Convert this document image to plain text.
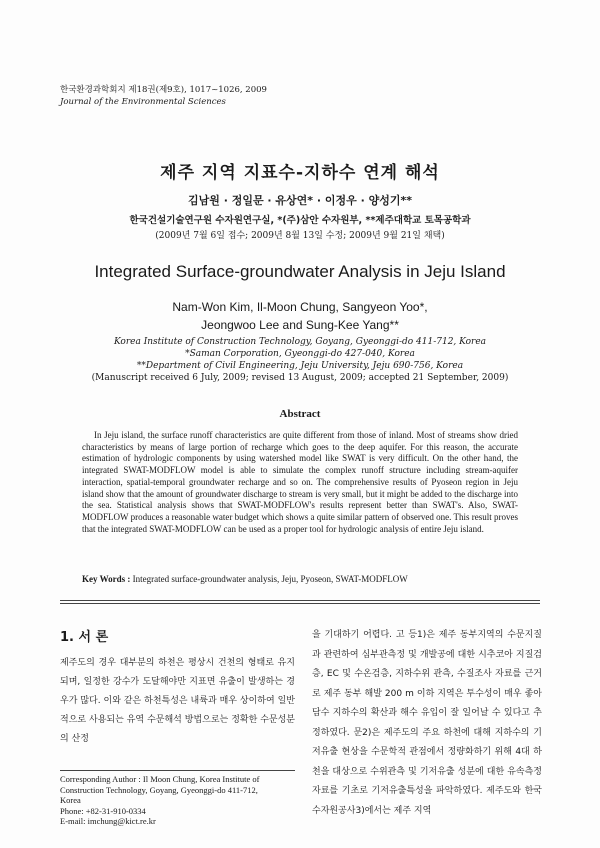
한국환경과학회지 제18권(제9호), 1017~1026, 2009
Journal of the Environmental Sciences
제주 지역 지표수-지하수 연계 해석
김남원 · 정일문 · 유상연* · 이정우 · 양성기**
한국건설기술연구원 수자원연구실, *(주)삼안 수자원부, **제주대학교 토목공학과
(2009년 7월 6일 접수; 2009년 8월 13일 수정; 2009년 9월 21일 채택)
Integrated Surface-groundwater Analysis in Jeju Island
Nam-Won Kim, Il-Moon Chung, Sangyeon Yoo*,
Jeongwoo Lee and Sung-Kee Yang**
Korea Institute of Construction Technology, Goyang, Gyeonggi-do 411-712, Korea
*Saman Corporation, Gyeonggi-do 427-040, Korea
**Department of Civil Engineering, Jeju University, Jeju 690-756, Korea
(Manuscript received 6 July, 2009; revised 13 August, 2009; accepted 21 September, 2009)
Abstract

In Jeju island, the surface runoff characteristics are quite different from those of inland. Most of streams show dried characteristics by means of large portion of recharge which goes to the deep aquifer. For this reason, the accurate estimation of hydrologic components by using watershed model like SWAT is very difficult. On the other hand, the integrated SWAT-MODFLOW model is able to simulate the complex runoff structure including stream-aquifer interaction, spatial-temporal groundwater recharge and so on. The comprehensive results of Pyoseon region in Jeju island show that the amount of groundwater discharge to stream is very small, but it might be added to the discharge into the sea. Statistical analysis shows that SWAT-MODFLOW's results represent better than SWAT's. Also, SWAT-MODFLOW produces a reasonable water budget which shows a quite similar pattern of observed one. This result proves that the integrated SWAT-MODFLOW can be used as a proper tool for hydrologic analysis of entire Jeju island.

Key Words : Integrated surface-groundwater analysis, Jeju, Pyoseon, SWAT-MODFLOW
1. 서 론

제주도의 경우 대부분의 하천은 평상시 건천의 형태로 유지되며, 일정한 강수가 도달해야만 지표면 유출이 발생하는 경우가 많다. 이와 같은 하천특성은 내륙과 매우 상이하여 일반적으로 사용되는 유역 수문해석 방법으로는 정확한 수문성분의 산정

을 기대하기 어렵다. 고 등1)은 제주 동부지역의 수문지질과 관련하여 심부관측정 및 개발공에 대한 시추코아 지질검층, EC 및 수온검층, 지하수위 관측, 수질조사 자료를 근거로 제주 동부 해발 200 m 이하 지역은 투수성이 매우 좋아 담수 지하수의 확산과 해수 유입이 잘 일어날 수 있다고 추정하였다. 문2)은 제주도의 주요 하천에 대해 지하수의 기저유출 현상을 수문학적 관점에서 정량화하기 위해 4대 하천을 대상으로 수위관측 및 기저유출 성분에 대한 유속측정 자료를 기초로 기저유출특성을 파악하였다. 제주도와 한국수자원공사3)에서는 제주 지역

Corresponding Author : Il Moon Chung, Korea Institute of
Construction Technology, Goyang, Gyeonggi-do 411-712,
Korea
Phone: +82-31-910-0334
E-mail: imchung@kict.re.kr
